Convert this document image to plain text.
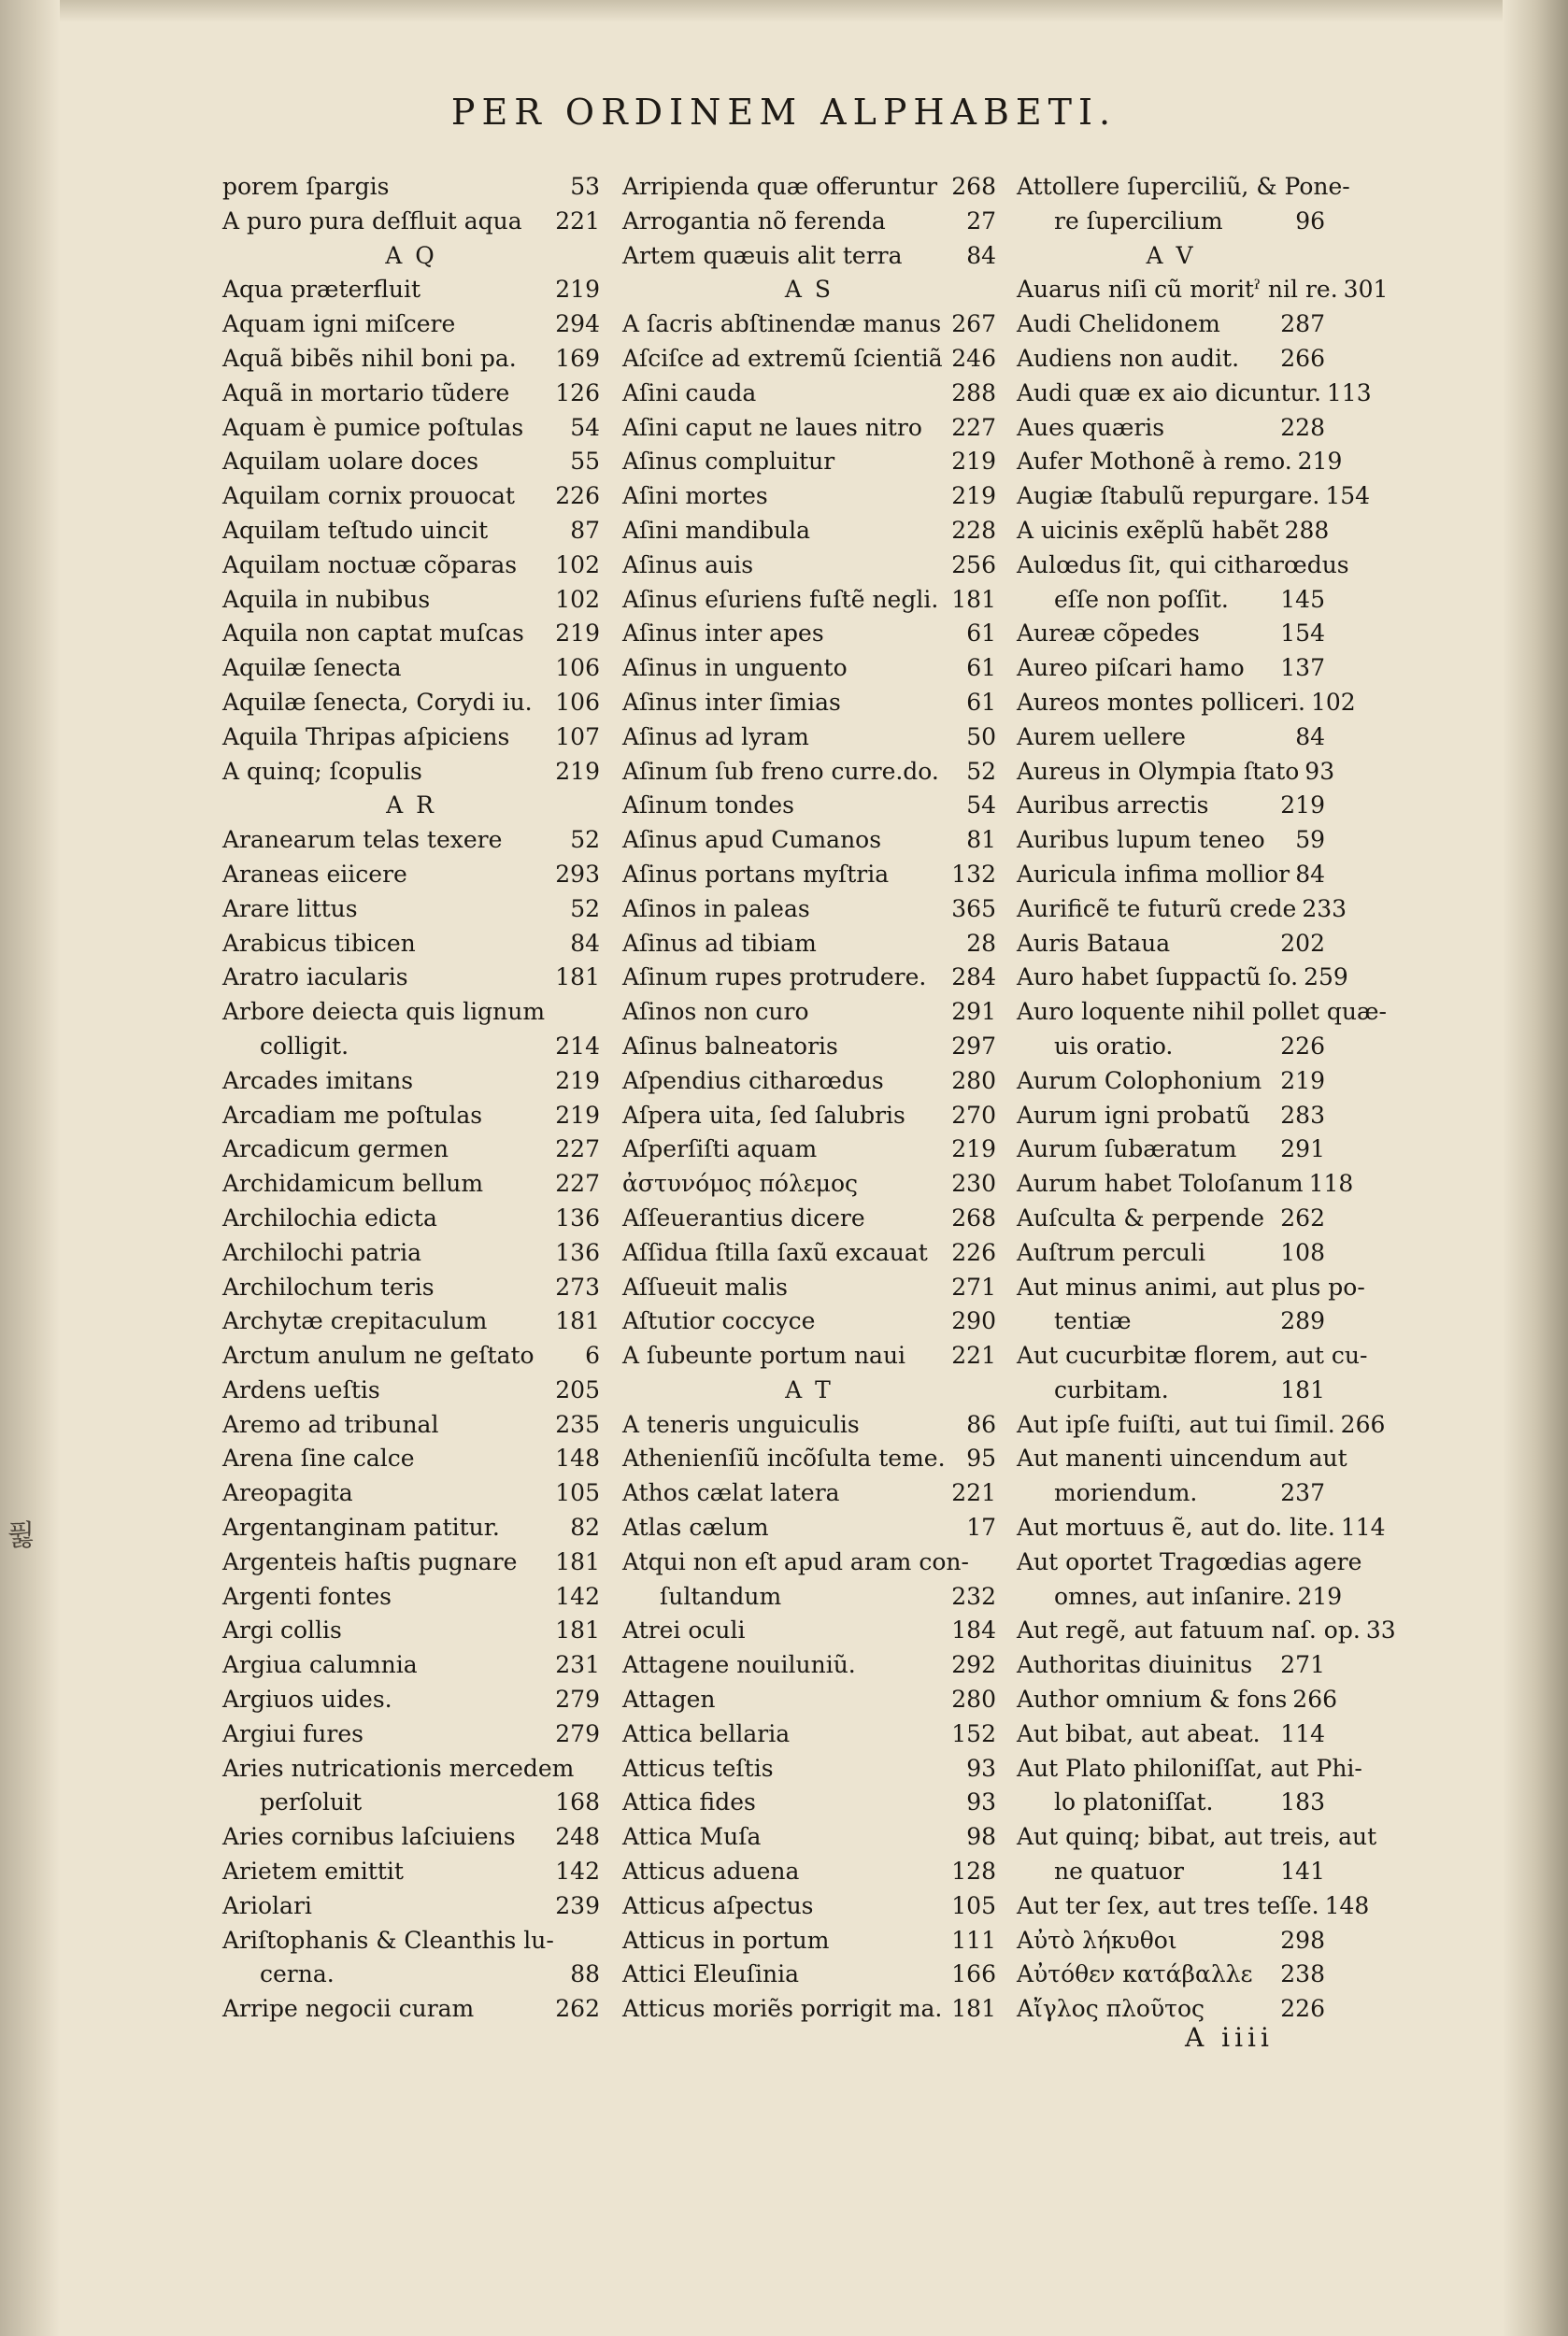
PER ORDINEM ALPHABETI.
퓛
porem ſpargis	53
A puro pura deſfluit aqua	221
A Q
Aqua præterfluit	219
Aquam igni miſcere	294
Aquã bibẽs nihil boni pa.	169
Aquã in mortario tũdere	126
Aquam è pumice poſtulas	54
Aquilam uolare doces	55
Aquilam cornix prouocat	226
Aquilam teſtudo uincit	87
Aquilam noctuæ cõparas	102
Aquila in nubibus	102
Aquila non captat muſcas	219
Aquilæ ſenecta	106
Aquilæ ſenecta, Corydi iu. 106
Aquila Thripas aſpiciens	107
A quinq; ſcopulis	219
A R
Aranearum telas texere	52
Araneas eiicere	293
Arare littus	52
Arabicus tibicen	84
Aratro iacularis	181
Arbore deiecta quis lignum
colligit.	214
Arcades imitans	219
Arcadiam me poſtulas	219
Arcadicum germen	227
Archidamicum bellum	227
Archilochia edicta	136
Archilochi patria	136
Archilochum teris	273
Archytæ crepitaculum	181
Arctum anulum ne geſtato	6
Ardens ueſtis	205
Aremo ad tribunal	235
Arena ſine calce	148
Areopagita	105
Argentanginam patitur.	82
Argenteis haſtis pugnare	181
Argenti fontes	142
Argi collis	181
Argiua calumnia	231
Argiuos uides.	279
Argiui fures	279
Aries nutricationis mercedem
perſoluit	168
Aries cornibus laſciuiens	248
Arietem emittit	142
Ariolari	239
Ariſtophanis & Cleanthis lu-
cerna.	88
Arripe negocii curam	262
Arripienda quæ offeruntur 268
Arrogantia nõ ferenda	27
Artem quæuis alit terra	84
A S
A ſacris abſtinendæ manus 267
Aſciſce ad extremũ ſcientiã 246
Aſini cauda	288
Aſini caput ne laues nitro	227
Aſinus compluitur	219
Aſini mortes	219
Aſini mandibula	228
Aſinus auis	256
Aſinus eſuriens fuſtẽ negli. 181
Aſinus inter apes	61
Aſinus in unguento	61
Aſinus inter ſimias	61
Aſinus ad lyram	50
Aſinum ſub freno curre.do.	52
Aſinum tondes	54
Aſinus apud Cumanos	81
Aſinus portans myſtria	132
Aſinos in paleas	365
Aſinus ad tibiam	28
Aſinum rupes protrudere.	284
Aſinos non curo	291
Aſinus balneatoris	297
Aſpendius citharœdus	280
Aſpera uita, ſed ſalubris	270
Aſperſiſti aquam	219
ἀστυνόμος πόλεμος	230
Aſſeuerantius dicere	268
Aſſidua ſtilla ſaxũ excauat	226
Aſſueuit malis	271
Aſtutior coccyce	290
A ſubeunte portum naui	221
A T
A teneris unguiculis	86
Athenienſiũ incõſulta teme. 95
Athos cælat latera	221
Atlas cælum	17
Atqui non eſt apud aram con-
ſultandum	232
Atrei oculi	184
Attagene nouiluniũ.	292
Attagen	280
Attica bellaria	152
Atticus teſtis	93
Attica fides	93
Attica Muſa	98
Atticus aduena	128
Atticus aſpectus	105
Atticus in portum	111
Attici Eleuſinia	166
Atticus moriẽs porrigit ma. 181
Attollere ſuperciliũ, & Pone-
re ſupercilium	96
A V
Auarus niſi cũ moritˀ nil re. 301
Audi Chelidonem	287
Audiens non audit.	266
Audi quæ ex aio dicuntur. 113
Aues quæris	228
Aufer Mothonẽ à remo. 219
Augiæ ſtabulũ repurgare. 154
A uicinis exẽplũ habẽt 288
Aulœdus ſit, qui citharœdus
eſſe non poſſit.	145
Aureæ cõpedes	154
Aureo piſcari hamo	137
Aureos montes polliceri. 102
Aurem uellere	84
Aureus in Olympia ſtato 93
Auribus arrectis	219
Auribus lupum teneo	59
Auricula infima mollior 84
Aurificẽ te futurũ crede 233
Auris Bataua	202
Auro habet ſuppactũ ſo. 259
Auro loquente nihil pollet quæ-
uis oratio.	226
Aurum Colophonium 219
Aurum igni probatũ	283
Aurum ſubæratum	291
Aurum habet Toloſanum 118
Auſculta & perpende 262
Auſtrum perculi	108
Aut minus animi, aut plus po-
tentiæ	289
Aut cucurbitæ florem, aut cu-
curbitam.	181
Aut ipſe fuiſti, aut tui ſimil. 266
Aut manenti uincendum aut
moriendum.	237
Aut mortuus ẽ, aut do. lite. 114
Aut oportet Tragœdias agere
omnes, aut inſanire. 219
Aut regẽ, aut fatuum naſ. op. 33
Authoritas diuinitus	271
Author omnium & fons 266
Aut bibat, aut abeat. 114
Aut Plato philoniſſat, aut Phi-
lo platoniſſat.	183
Aut quinq; bibat, aut treis, aut
ne quatuor	141
Aut ter ſex, aut tres teſſe. 148
Αὐτὸ λήκυθοι	298
Αὐτόθεν κατάβαλλε	238
Αἴγλος πλοῦτος	226
A iiii
